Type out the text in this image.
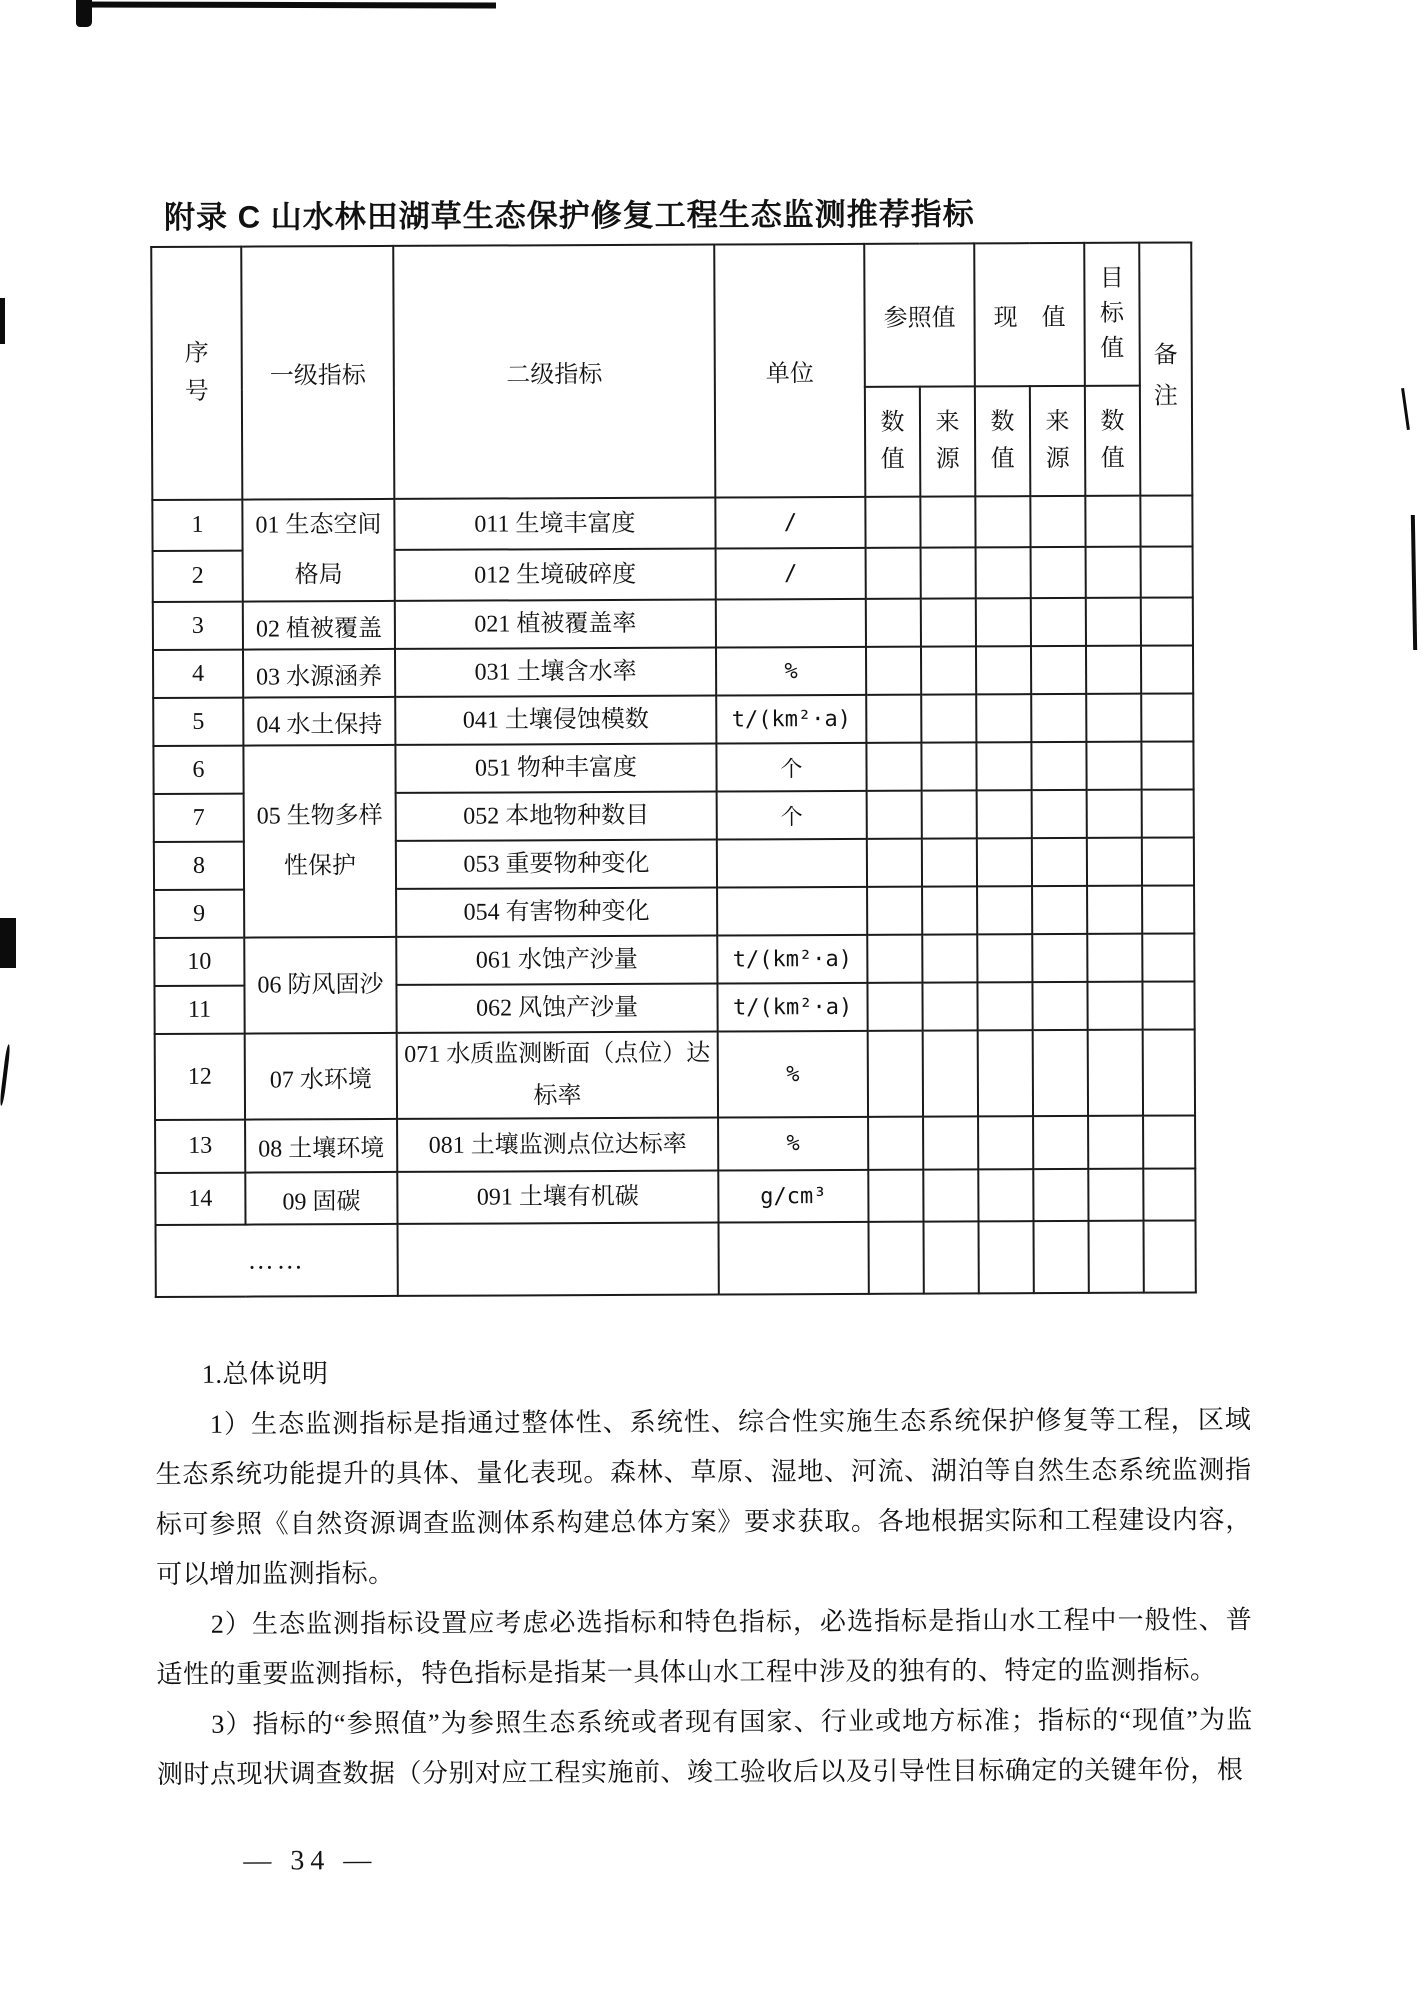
附录 C 山水林田湖草生态保护修复工程生态监测推荐指标
序号	一级指标	二级指标	单位	参照值		现　值		目标值	备注

				数值	来源	数值	来源	数值	

1	01 生态空间
格局	011 生境丰富度	/						
2		012 生境破碎度	/						
3	02 植被覆盖	021 植被覆盖率							
4	03 水源涵养	031 土壤含水率	%						
5	04 水土保持	041 土壤侵蚀模数	t/(km²·a)						
6	05 生物多样
性保护	051 物种丰富度	个						
7		052 本地物种数目	个						
8		053 重要物种变化							
9		054 有害物种变化							
10	06 防风固沙	061 水蚀产沙量	t/(km²·a)						
11		062 风蚀产沙量	t/(km²·a)						
12	07 水环境	071 水质监测断面（点位）达标率	%						
13	08 土壤环境	081 土壤监测点位达标率	%						
14	09 固碳	091 土壤有机碳	g/cm³						
……									

1.总体说明

1）生态监测指标是指通过整体性、系统性、综合性实施生态系统保护修复等工程，区域生态系统功能提升的具体、量化表现。森林、草原、湿地、河流、湖泊等自然生态系统监测指标可参照《自然资源调查监测体系构建总体方案》要求获取。各地根据实际和工程建设内容，可以增加监测指标。

2）生态监测指标设置应考虑必选指标和特色指标，必选指标是指山水工程中一般性、普适性的重要监测指标，特色指标是指某一具体山水工程中涉及的独有的、特定的监测指标。

3）指标的“参照值”为参照生态系统或者现有国家、行业或地方标准；指标的“现值”为监测时点现状调查数据（分别对应工程实施前、竣工验收后以及引导性目标确定的关键年份，根

— 34 —
